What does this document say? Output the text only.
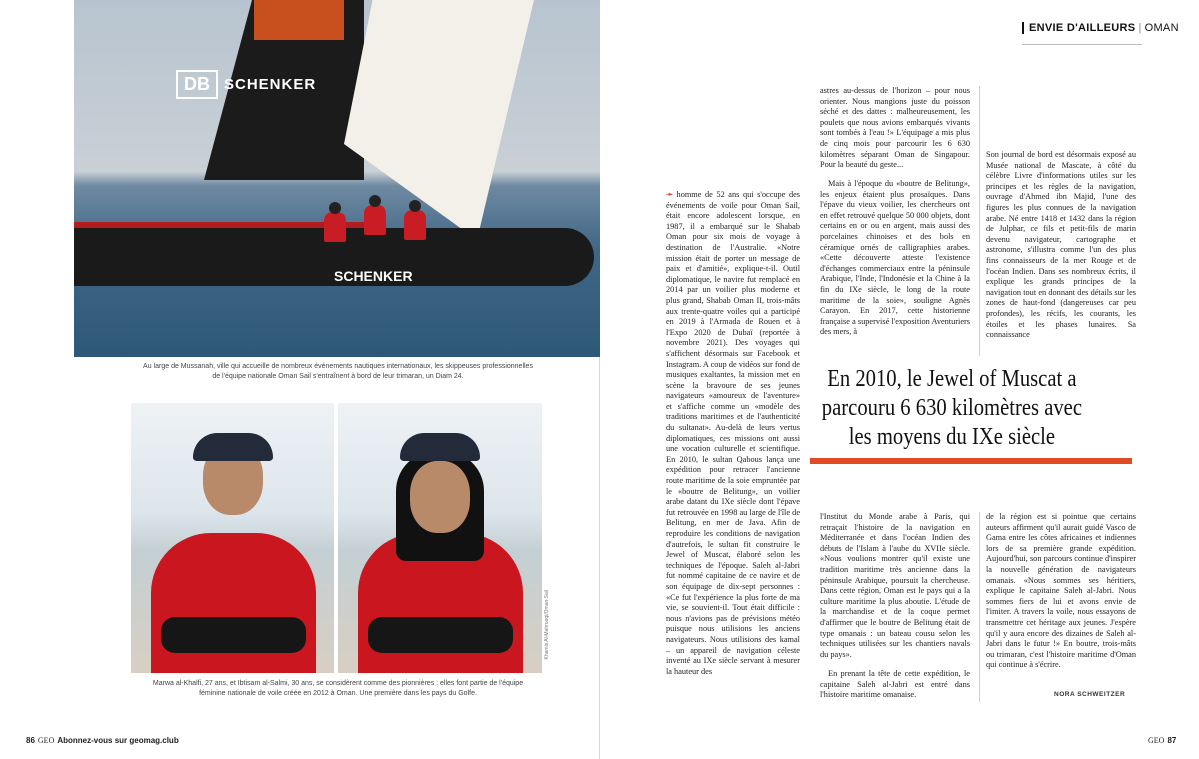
DB SCHENKER
SCHENKER
Au large de Mussanah, ville qui accueille de nombreux événements nautiques internationaux, les skippeuses professionnelles de l'équipe nationale Oman Sail s'entraînent à bord de leur trimaran, un Diam 24.
Khamis Al-Mahrooqi/Oman Sail
Marwa al-Khalfi, 27 ans, et Ibtisam al-Salmi, 30 ans, se considèrent comme des pionnières : elles font partie de l'équipe féminine nationale de voile créée en 2012 à Oman. Une première dans les pays du Golfe.

➛ homme de 52 ans qui s'occupe des événements de voile pour Oman Sail, était encore adolescent lorsque, en 1987, il a embarqué sur le Shabab Oman pour six mois de voyage à destination de l'Australie. «Notre mission était de porter un message de paix et d'amitié», explique-t-il. Outil diplomatique, le navire fut remplacé en 2014 par un voilier plus moderne et plus grand, Shabab Oman II, trois-mâts aux trente-quatre voiles qui a participé en 2019 à l'Armada de Rouen et à l'Expo 2020 de Dubaï (reportée à novembre 2021). Des voyages qui s'affichent désormais sur Facebook et Instagram. A coup de vidéos sur fond de musiques exaltantes, la mission met en scène la bravoure de ses jeunes navigateurs «amoureux de l'aventure» et s'affiche comme un «modèle des traditions maritimes et de l'authenticité du sultanat». Au-delà de leurs vertus diplomatiques, ces missions ont aussi une vocation culturelle et scientifique. En 2010, le sultan Qabous lança une expédition pour retracer l'ancienne route maritime de la soie empruntée par le «boutre de Belitung», un voilier arabe datant du IXe siècle dont l'épave fut retrouvée en 1998 au large de l'île de Belitung, en mer de Java. Afin de reproduire les conditions de navigation d'autrefois, le sultan fit construire le Jewel of Muscat, élaboré selon les techniques de l'époque. Saleh al-Jabri fut nommé capitaine de ce navire et de son équipage de dix-sept personnes : «Ce fut l'expérience la plus forte de ma vie, se souvient-il. Tout était difficile : nous n'avions pas de prévisions météo puisque nous utilisions les anciens navigateurs. Nous utilisions des kamal – un appareil de navigation céleste inventé au IXe siècle servant à mesurer la hauteur des

86 GEO Abonnez-vous sur geomag.club
ENVIE D'AILLEURS | OMAN

astres au-dessus de l'horizon – pour nous orienter. Nous mangions juste du poisson séché et des dattes : malheureusement, les poulets que nous avions embarqués vivants sont tombés à l'eau !» L'équipage a mis plus de cinq mois pour parcourir les 6 630 kilomètres séparant Oman de Singapour. Pour la beauté du geste...

Mais à l'époque du «boutre de Belitung», les enjeux étaient plus prosaïques. Dans l'épave du vieux voilier, les chercheurs ont en effet retrouvé quelque 50 000 objets, dont certains en or ou en argent, mais aussi des porcelaines chinoises et des bols en céramique ornés de calligraphies arabes. «Cette découverte atteste l'existence d'échanges commerciaux entre la péninsule Arabique, l'Inde, l'Indonésie et la Chine à la fin du IXe siècle, le long de la route maritime de la soie», souligne Agnès Carayon. En 2017, cette historienne française a supervisé l'exposition Aventuriers des mers, à

Son journal de bord est désormais exposé au Musée national de Mascate, à côté du célèbre Livre d'informations utiles sur les principes et les règles de la navigation, ouvrage d'Ahmed ibn Majid, l'une des figures les plus connues de la navigation arabe. Né entre 1418 et 1432 dans la région de Julphar, ce fils et petit-fils de marin devenu navigateur, cartographe et astronome, s'illustra comme l'un des plus fins connaisseurs de la mer Rouge et de l'océan Indien. Dans ses nombreux écrits, il explique les grands principes de la navigation tout en donnant des détails sur les zones de haut-fond (dangereuses car peu profondes), les récifs, les courants, les étoiles et les phases lunaires. Sa connaissance

En 2010, le Jewel of Muscat a parcouru 6 630 kilomètres avec les moyens du IXe siècle

l'Institut du Monde arabe à Paris, qui retraçait l'histoire de la navigation en Méditerranée et dans l'océan Indien des débuts de l'Islam à l'aube du XVIIe siècle. «Nous voulions montrer qu'il existe une tradition maritime très ancienne dans la péninsule Arabique, poursuit la chercheuse. Dans cette région, Oman est le pays qui a la culture maritime la plus aboutie. L'étude de la marchandise et de la coque permet d'affirmer que le boutre de Belitung était de type omanais : un bateau cousu selon les techniques utilisées sur les chantiers navals du pays».

En prenant la tête de cette expédition, le capitaine Saleh al-Jabri est entré dans l'histoire maritime omanaise.

de la région est si pointue que certains auteurs affirment qu'il aurait guidé Vasco de Gama entre les côtes africaines et indiennes lors de sa première grande expédition. Aujourd'hui, son parcours continue d'inspirer la nouvelle génération de navigateurs omanais. «Nous sommes ses héritiers, explique le capitaine Saleh al-Jabri. Nous sommes fiers de lui et avons envie de l'imiter. A travers la voile, nous essayons de transmettre cet héritage aux jeunes. J'espère qu'il y aura encore des dizaines de Saleh al-Jabri dans le futur !» En boutre, trois-mâts ou trimaran, c'est l'histoire maritime d'Oman qui continue à s'écrire.

NORA SCHWEITZER
GEO 87
